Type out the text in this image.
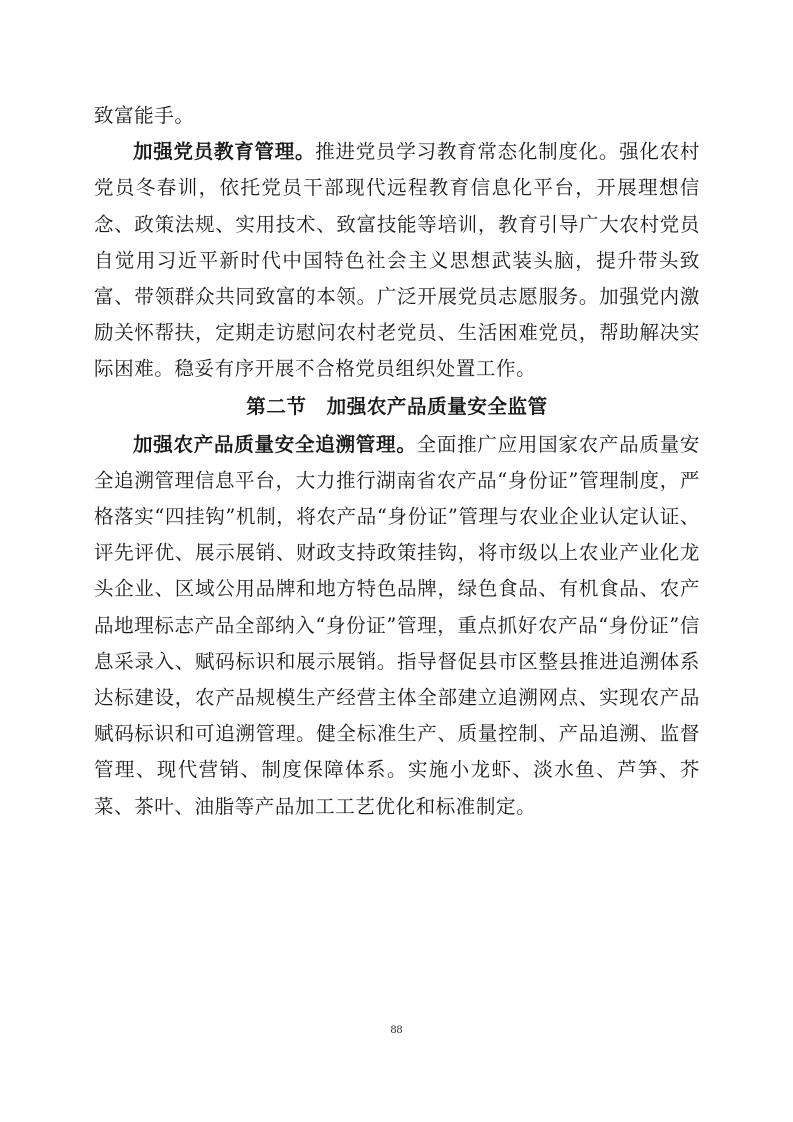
致富能手。

加强党员教育管理。推进党员学习教育常态化制度化。强化农村党员冬春训，依托党员干部现代远程教育信息化平台，开展理想信念、政策法规、实用技术、致富技能等培训，教育引导广大农村党员自觉用习近平新时代中国特色社会主义思想武装头脑，提升带头致富、带领群众共同致富的本领。广泛开展党员志愿服务。加强党内激励关怀帮扶，定期走访慰问农村老党员、生活困难党员，帮助解决实际困难。稳妥有序开展不合格党员组织处置工作。

第二节　加强农产品质量安全监管

加强农产品质量安全追溯管理。全面推广应用国家农产品质量安全追溯管理信息平台，大力推行湖南省农产品“身份证”管理制度，严格落实“四挂钩”机制，将农产品“身份证”管理与农业企业认定认证、评先评优、展示展销、财政支持政策挂钩，将市级以上农业产业化龙头企业、区域公用品牌和地方特色品牌，绿色食品、有机食品、农产品地理标志产品全部纳入“身份证”管理，重点抓好农产品“身份证”信息采录入、赋码标识和展示展销。指导督促县市区整县推进追溯体系达标建设，农产品规模生产经营主体全部建立追溯网点、实现农产品赋码标识和可追溯管理。健全标准生产、质量控制、产品追溯、监督管理、现代营销、制度保障体系。实施小龙虾、淡水鱼、芦笋、芥菜、茶叶、油脂等产品加工工艺优化和标准制定。

88
